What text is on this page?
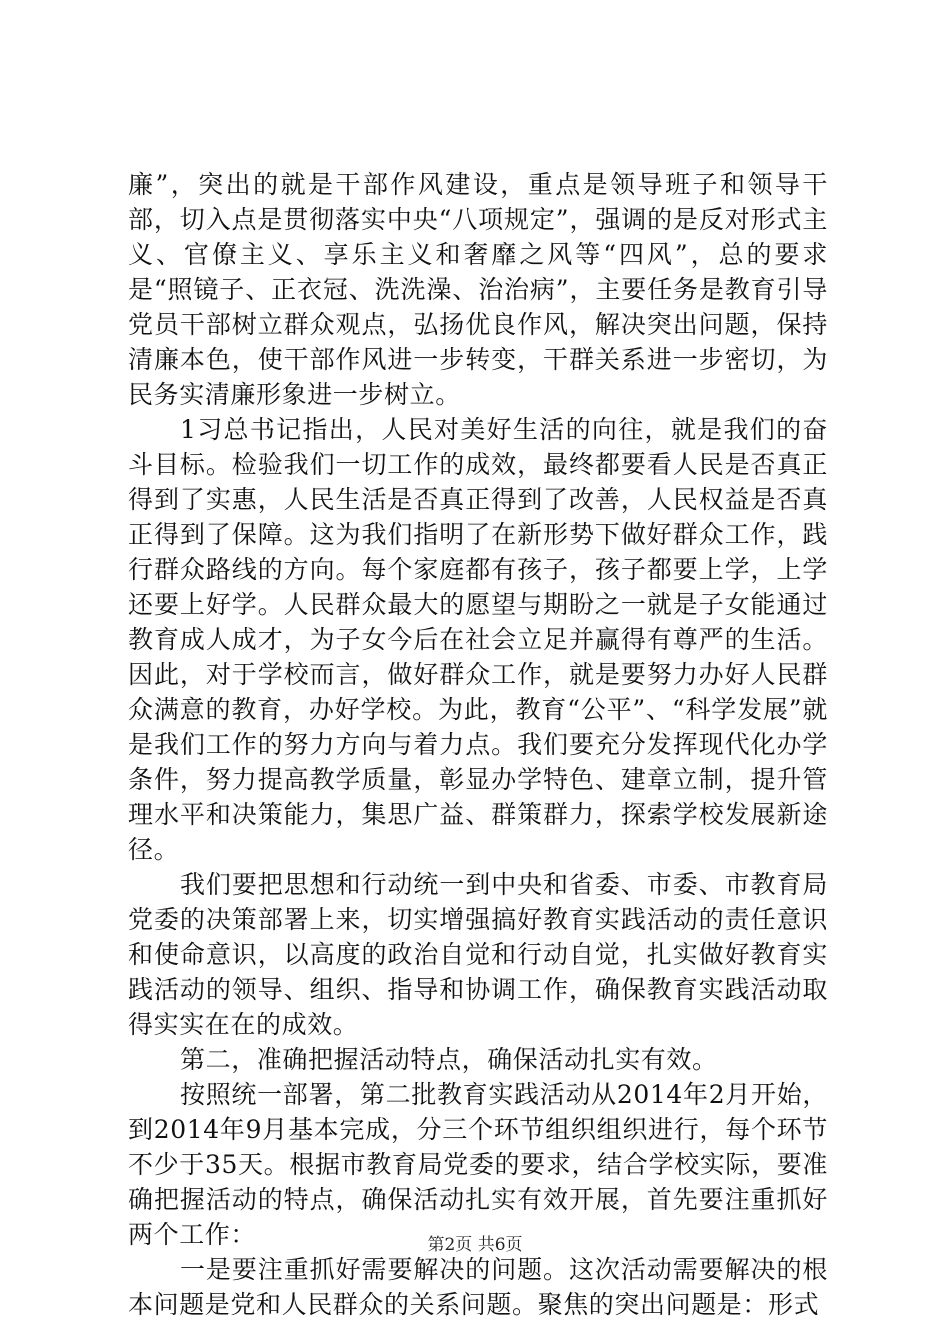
廉”，突出的就是干部作风建设，重点是领导班子和领导干部，切入点是贯彻落实中央“八项规定”，强调的是反对形式主义、官僚主义、享乐主义和奢靡之风等“四风”，总的要求是“照镜子、正衣冠、洗洗澡、治治病”，主要任务是教育引导党员干部树立群众观点，弘扬优良作风，解决突出问题，保持清廉本色，使干部作风进一步转变，干群关系进一步密切，为民务实清廉形象进一步树立。

1习总书记指出，人民对美好生活的向往，就是我们的奋斗目标。检验我们一切工作的成效，最终都要看人民是否真正得到了实惠，人民生活是否真正得到了改善，人民权益是否真正得到了保障。这为我们指明了在新形势下做好群众工作，践行群众路线的方向。每个家庭都有孩子，孩子都要上学，上学还要上好学。人民群众最大的愿望与期盼之一就是子女能通过教育成人成才，为子女今后在社会立足并赢得有尊严的生活。因此，对于学校而言，做好群众工作，就是要努力办好人民群众满意的教育，办好学校。为此，教育“公平”、“科学发展”就是我们工作的努力方向与着力点。我们要充分发挥现代化办学条件，努力提高教学质量，彰显办学特色、建章立制，提升管理水平和决策能力，集思广益、群策群力，探索学校发展新途径。

我们要把思想和行动统一到中央和省委、市委、市教育局党委的决策部署上来，切实增强搞好教育实践活动的责任意识和使命意识，以高度的政治自觉和行动自觉，扎实做好教育实践活动的领导、组织、指导和协调工作，确保教育实践活动取得实实在在的成效。

第二，准确把握活动特点，确保活动扎实有效。

按照统一部署，第二批教育实践活动从2014年2月开始，到2014年9月基本完成，分三个环节组织组织进行，每个环节不少于35天。根据市教育局党委的要求，结合学校实际，要准确把握活动的特点，确保活动扎实有效开展，首先要注重抓好两个工作：

一是要注重抓好需要解决的问题。这次活动需要解决的根本问题是党和人民群众的关系问题。聚焦的突出问题是：形式

第2页 共6页
